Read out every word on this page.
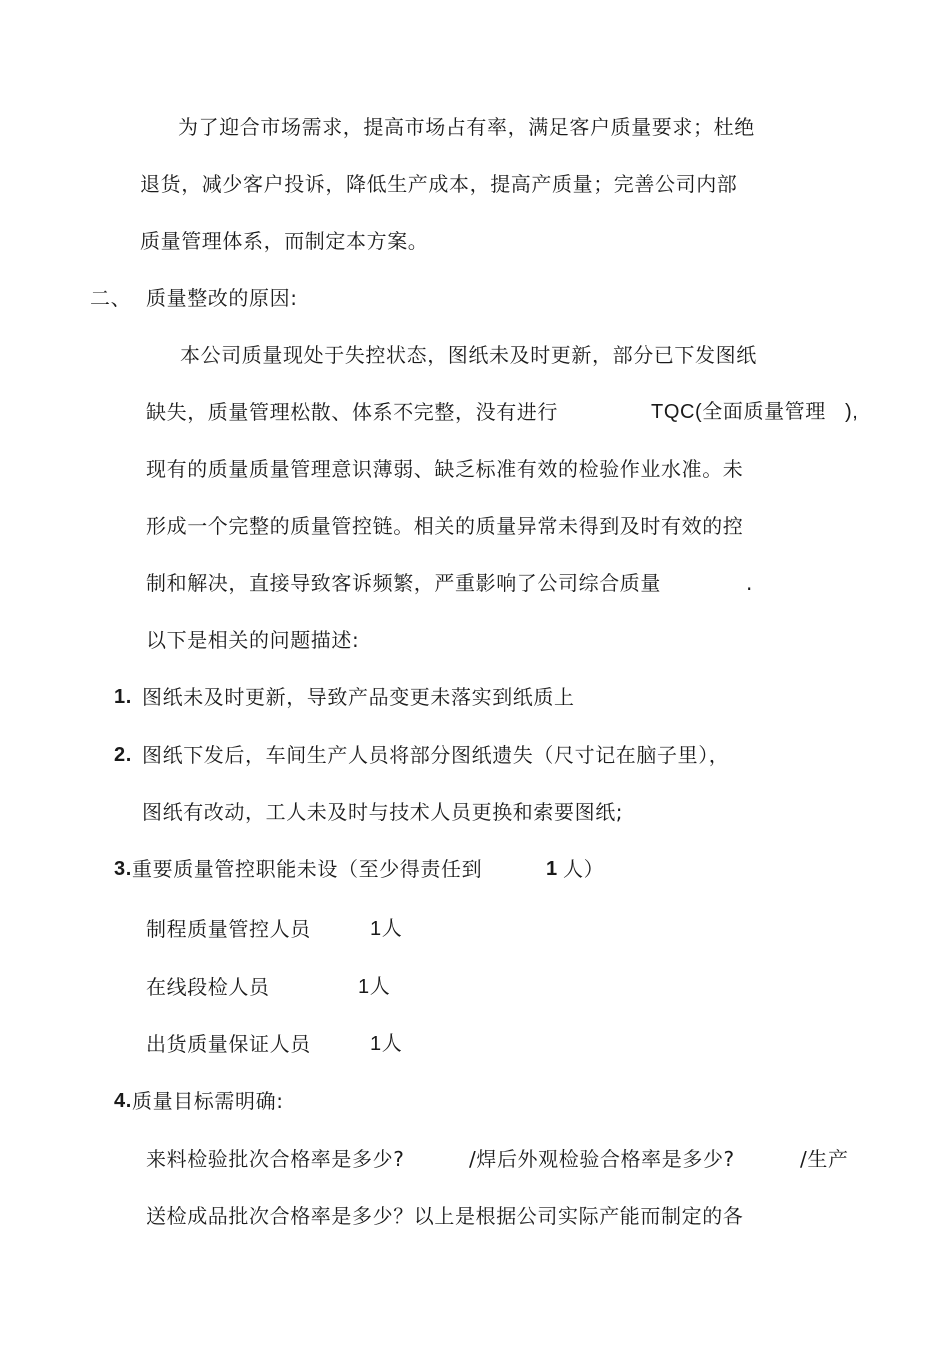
为了迎合市场需求，提高市场占有率，满足客户质量要求；杜绝
退货，减少客户投诉，降低生产成本，提高产质量；完善公司内部
质量管理体系，而制定本方案。
二、 质量整改的原因:
本公司质量现处于失控状态，图纸未及时更新，部分已下发图纸
缺失，质量管理松散、体系不完整，没有进行	TQC(全面质量管理 ),
现有的质量质量管理意识薄弱、缺乏标准有效的检验作业水准。未
形成一个完整的质量管控链。相关的质量异常未得到及时有效的控
制和解决，直接导致客诉频繁，严重影响了公司综合质量	.
以下是相关的问题描述:
1. 图纸未及时更新，导致产品变更未落实到纸质上
2. 图纸下发后，车间生产人员将部分图纸遗失（尺寸记在脑子里），
图纸有改动，工人未及时与技术人员更换和索要图纸;
3. 重要质量管控职能未设（至少得责任到	1 人）
制程质量管控人员	1人
在线段检人员	1人
出货质量保证人员	1人
4. 质量目标需明确:
来料检验批次合格率是多少?	/焊后外观检验合格率是多少?	/生产
送检成品批次合格率是多少？以上是根据公司实际产能而制定的各
